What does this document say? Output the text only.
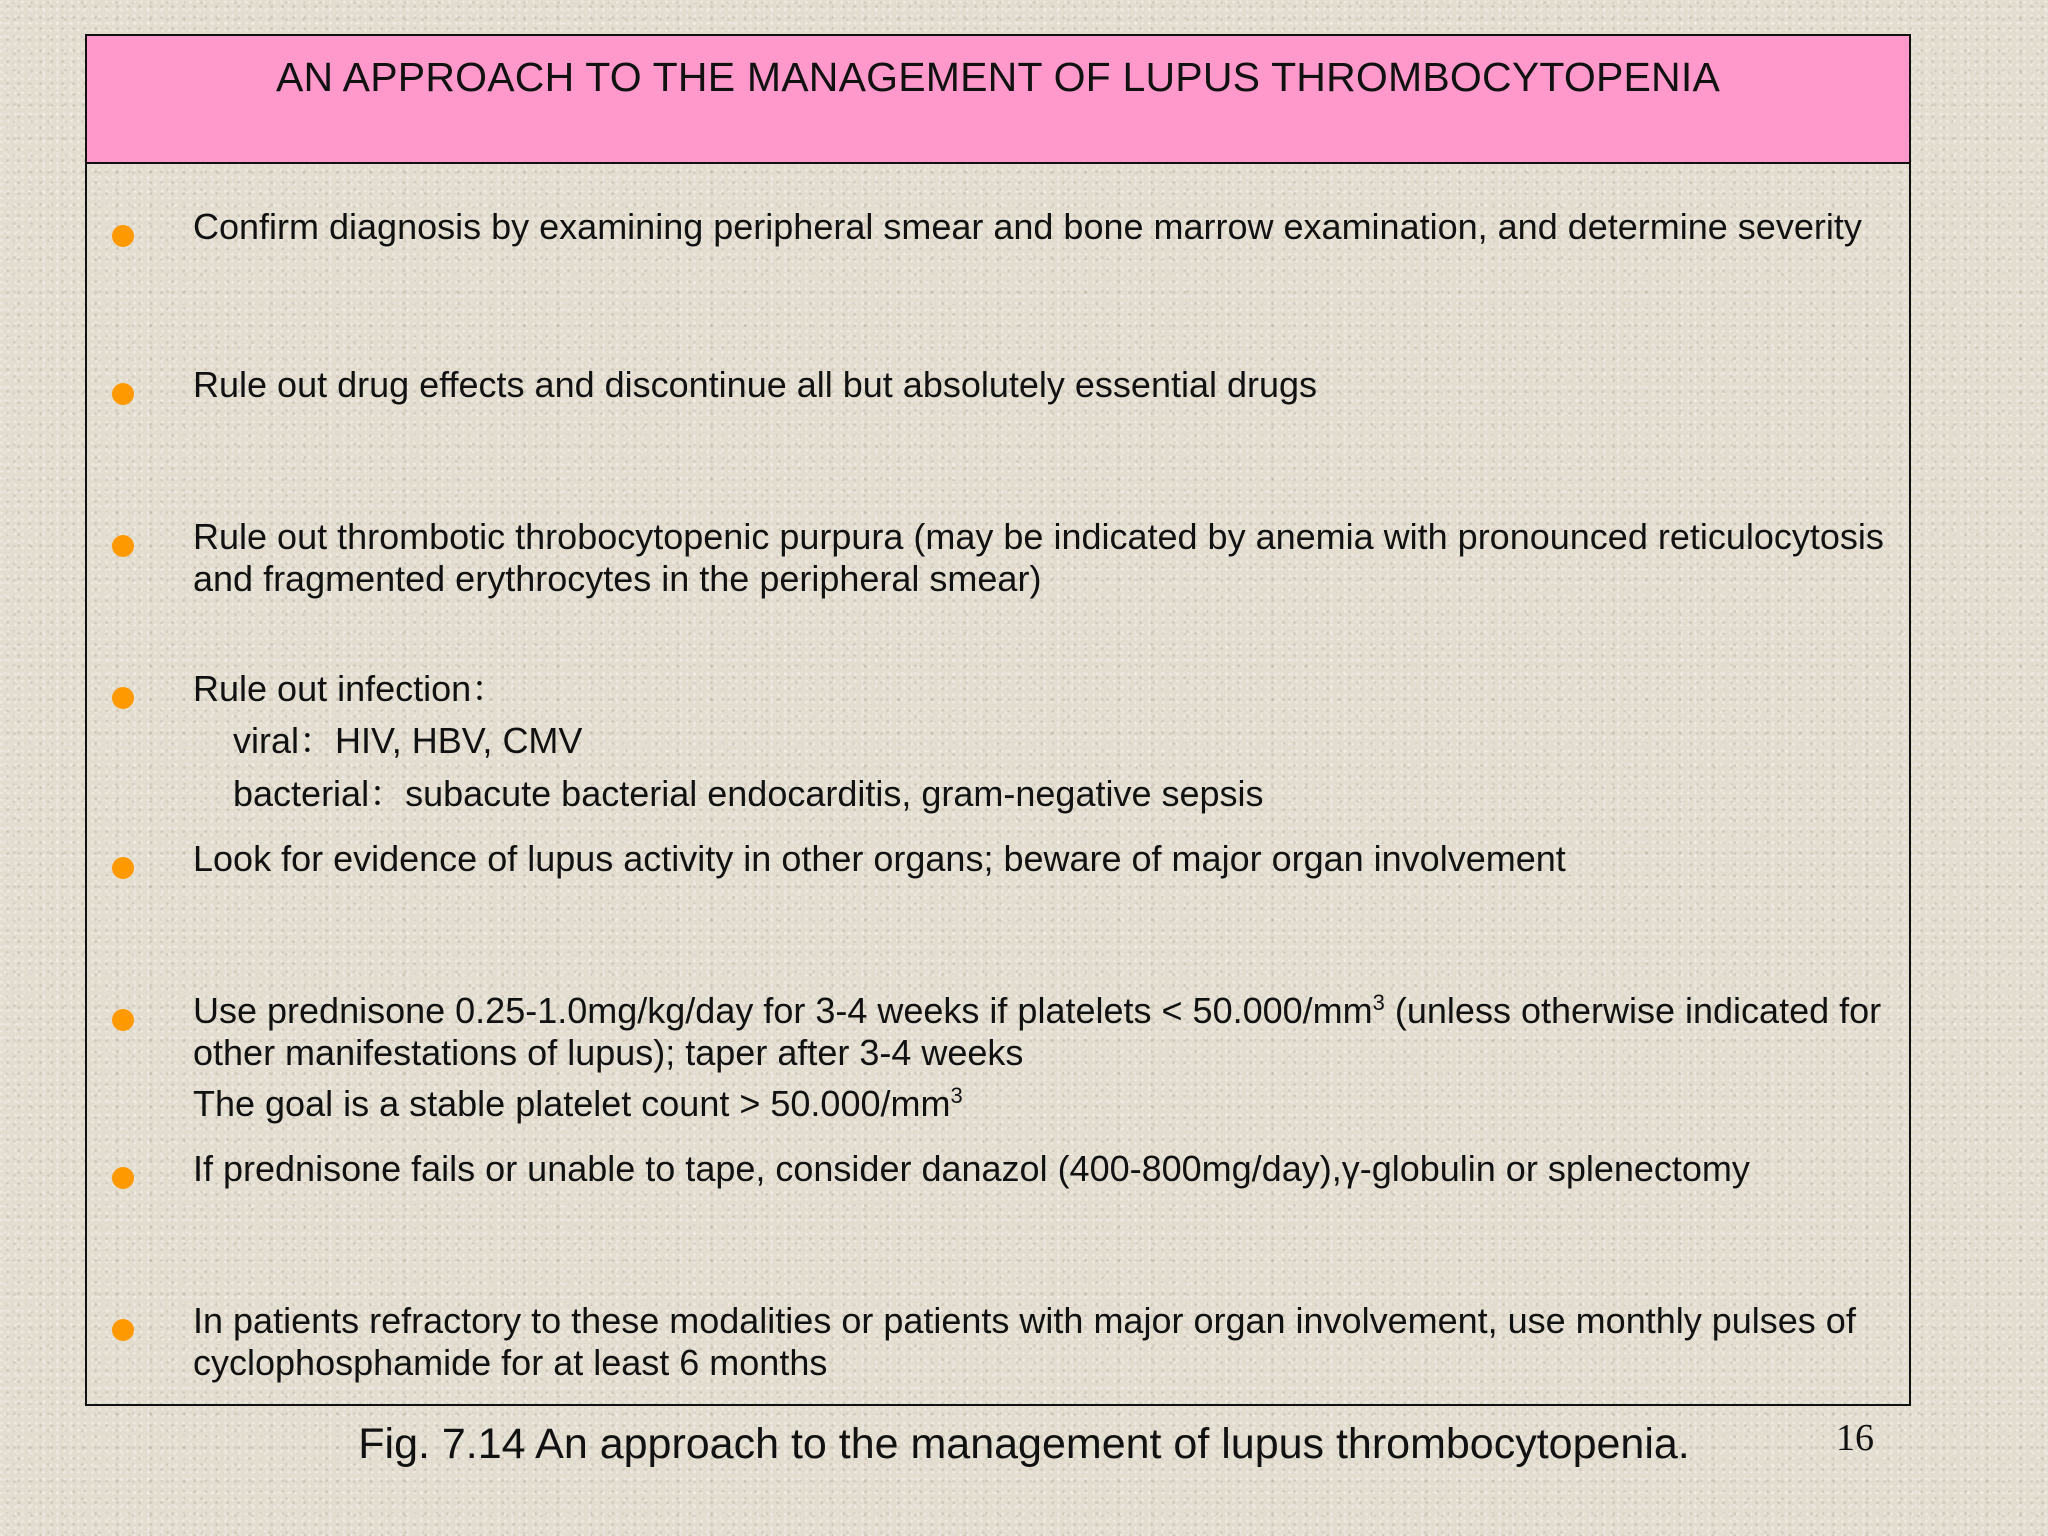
AN APPROACH TO THE MANAGEMENT OF LUPUS THROMBOCYTOPENIA
Confirm diagnosis by examining peripheral smear and bone marrow examination, and determine severity
Rule out drug effects and discontinue all but absolutely essential drugs
Rule out thrombotic throbocytopenic purpura (may be indicated by anemia with pronounced reticulocytosis and fragmented erythrocytes in the peripheral smear)
Rule out infection：
viral：HIV, HBV, CMV
bacterial：subacute bacterial endocarditis, gram-negative sepsis
Look for evidence of lupus activity in other organs; beware of major organ involvement
Use prednisone 0.25-1.0mg/kg/day for 3-4 weeks if platelets < $50.000/mm^3$ (unless otherwise indicated for other manifestations of lupus); taper after 3-4 weeks
The goal is a stable platelet count > $50.000/mm^3$
If prednisone fails or unable to tape, consider danazol (400-800mg/day),γ-globulin or splenectomy
In patients refractory to these modalities or patients with major organ involvement, use monthly pulses of cyclophosphamide for at least 6 months
Fig. 7.14 An approach to the management of lupus thrombocytopenia.	16
